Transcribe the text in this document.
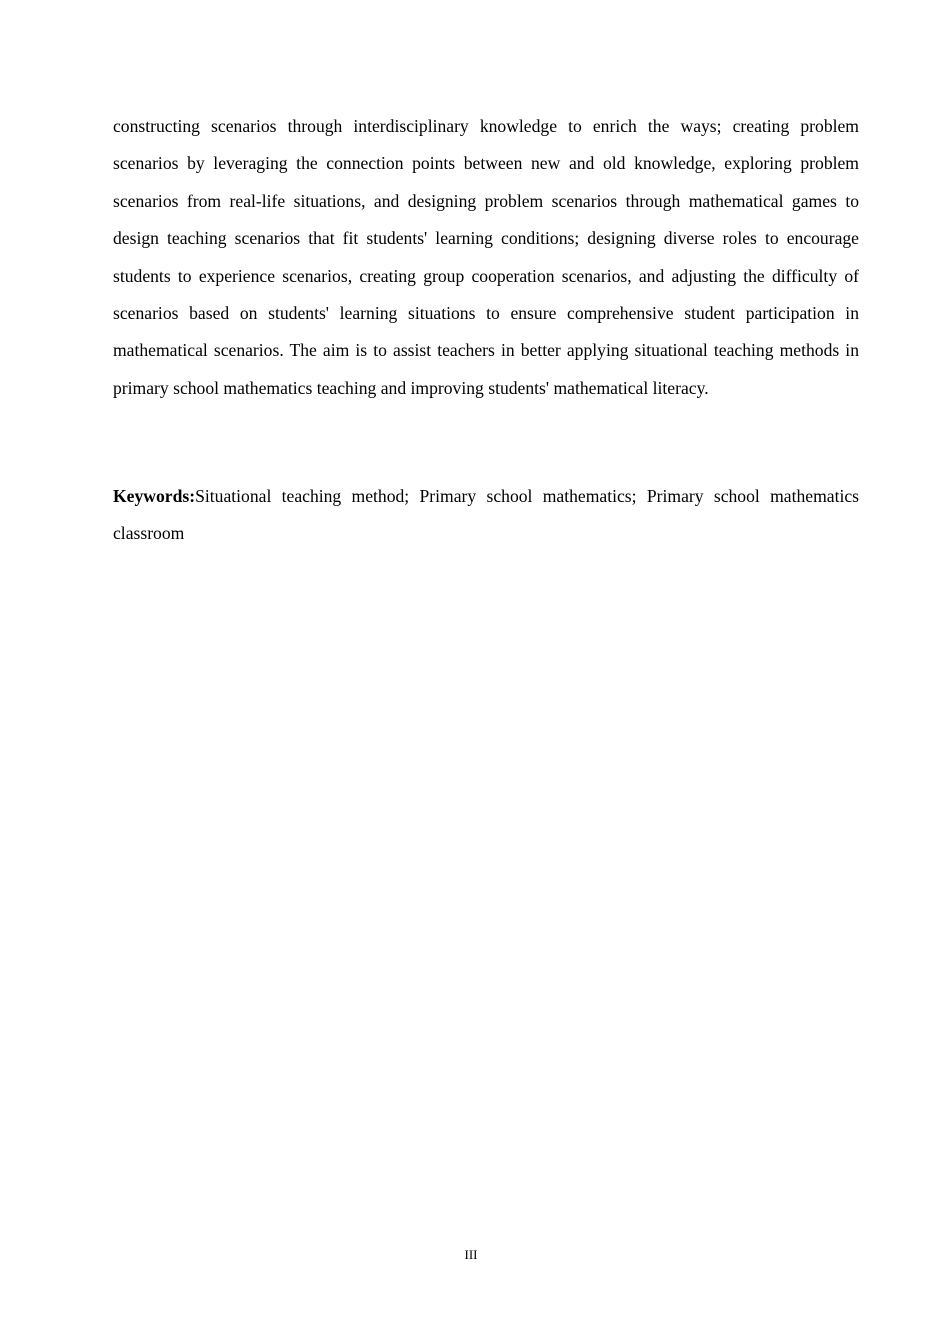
constructing scenarios through interdisciplinary knowledge to enrich the ways; creating problem scenarios by leveraging the connection points between new and old knowledge, exploring problem scenarios from real-life situations, and designing problem scenarios through mathematical games to design teaching scenarios that fit students' learning conditions; designing diverse roles to encourage students to experience scenarios, creating group cooperation scenarios, and adjusting the difficulty of scenarios based on students' learning situations to ensure comprehensive student participation in mathematical scenarios. The aim is to assist teachers in better applying situational teaching methods in primary school mathematics teaching and improving students' mathematical literacy.

Keywords:Situational teaching method; Primary school mathematics; Primary school mathematics classroom

III
